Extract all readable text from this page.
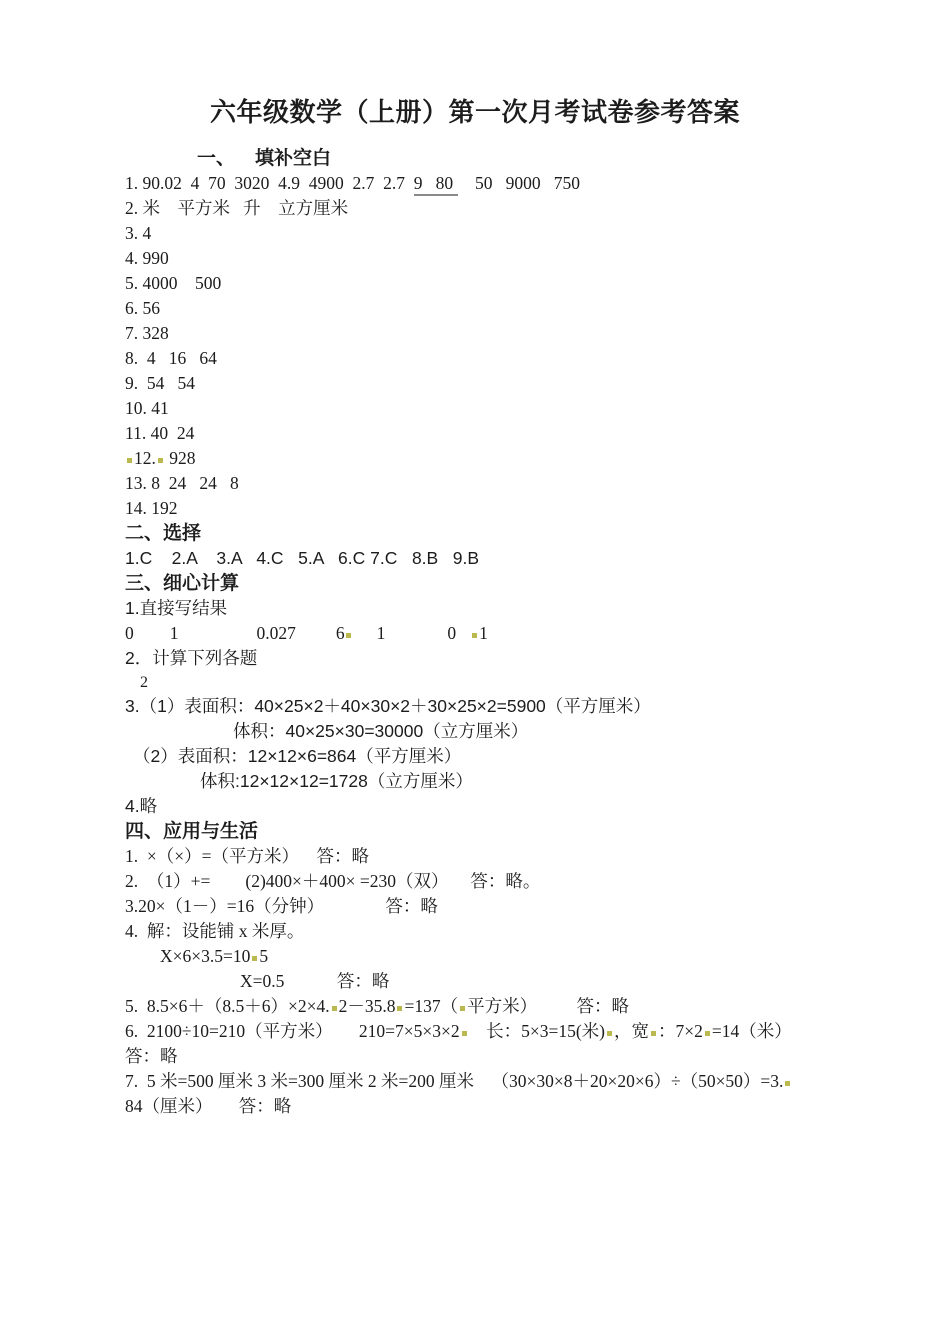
六年级数学（上册）第一次月考试卷参考答案
一、　  填补空白
1. 90.02  4  70  3020  4.9  4900  2.7  2.7  9   80     50   9000   750
2. 米    平方米   升    立方厘米
3. 4
4. 990
5. 4000    500
6. 56
7. 328
8.  4   16   64
9.  54   54
10. 41
11. 40  24
12. 928
13. 8  24   24   8
14. 192
二、选择
1.C    2.A    3.A   4.C   5.A   6.C 7.C   8.B   9.B
三、细心计算
1.直接写结果
0 1	0.027 6 1	0 1
2．计算下列各题
2
3.（1）表面积：40×25×2＋40×30×2＋30×25×2=5900（平方厘米）
体积：40×25×30=30000（立方厘米）
（2）表面积：12×12×6=864（平方厘米）
体积:12×12×12=1728（立方厘米）
4.略
四、应用与生活
1.  ×（×）=（平方米）    答：略
2.  （1）+=        (2)400×＋400× =230（双）     答：略。
3.20×（1－）=16（分钟）              答：略
4.  解：设能铺 x 米厚。
X×6×3.5=10 5
X=0.5            答：略
5.  8.5×6＋（8.5＋6）×2×4. 2－35.8 =137（ 平方米）         答：略
6.  2100÷10=210（平方米）      210=7×5×3×2    长：5×3=15(米) ，宽 ：7×2 =14（米）
答：略
7.  5 米=500 厘米 3 米=300 厘米 2 米=200 厘米    （30×30×8＋20×20×6）÷（50×50）=3.
84（厘米）      答：略
